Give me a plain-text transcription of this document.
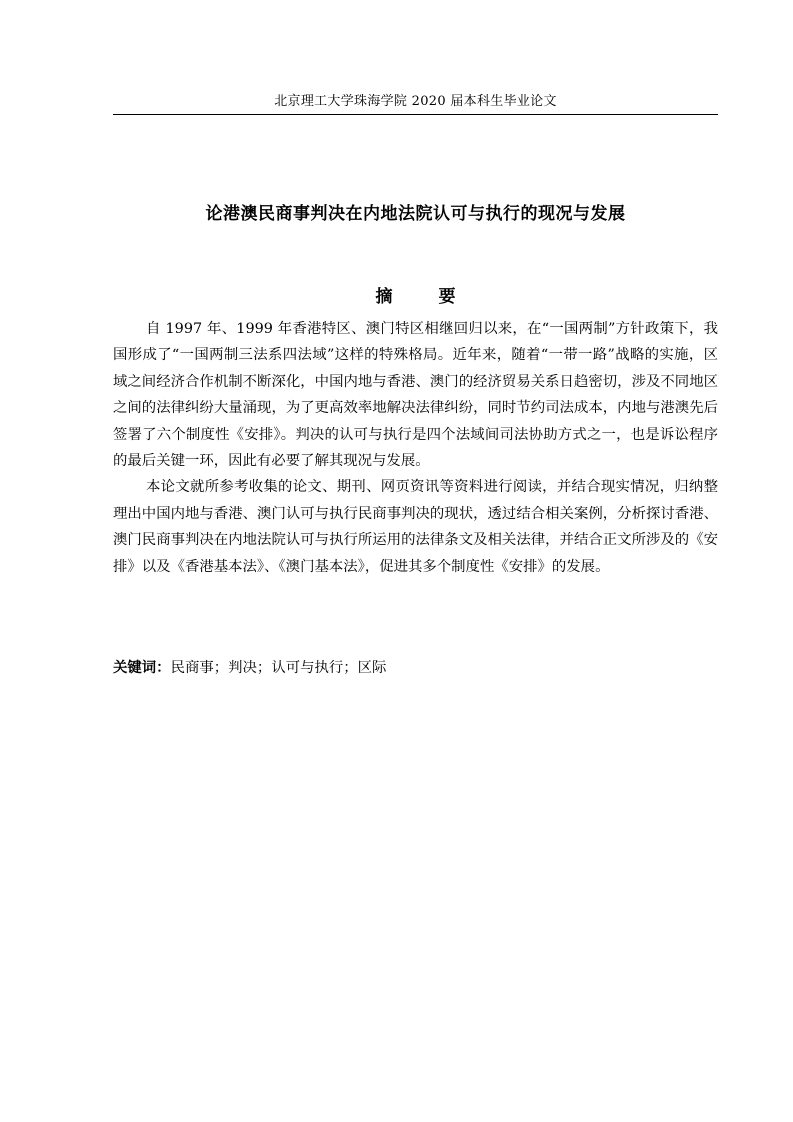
北京理工大学珠海学院 2020 届本科生毕业论文
论港澳民商事判决在内地法院认可与执行的现况与发展
摘 要

自 1997 年、1999 年香港特区、澳门特区相继回归以来，在“一国两制”方针政策下，我国形成了“一国两制三法系四法域”这样的特殊格局。近年来，随着“一带一路”战略的实施，区域之间经济合作机制不断深化，中国内地与香港、澳门的经济贸易关系日趋密切，涉及不同地区之间的法律纠纷大量涌现，为了更高效率地解决法律纠纷，同时节约司法成本，内地与港澳先后签署了六个制度性《安排》。判决的认可与执行是四个法域间司法协助方式之一，也是诉讼程序的最后关键一环，因此有必要了解其现况与发展。

本论文就所参考收集的论文、期刊、网页资讯等资料进行阅读，并结合现实情况，归纳整理出中国内地与香港、澳门认可与执行民商事判决的现状，透过结合相关案例，分析探讨香港、澳门民商事判决在内地法院认可与执行所运用的法律条文及相关法律，并结合正文所涉及的《安排》以及《香港基本法》、《澳门基本法》，促进其多个制度性《安排》的发展。

关键词：民商事；判决；认可与执行；区际
